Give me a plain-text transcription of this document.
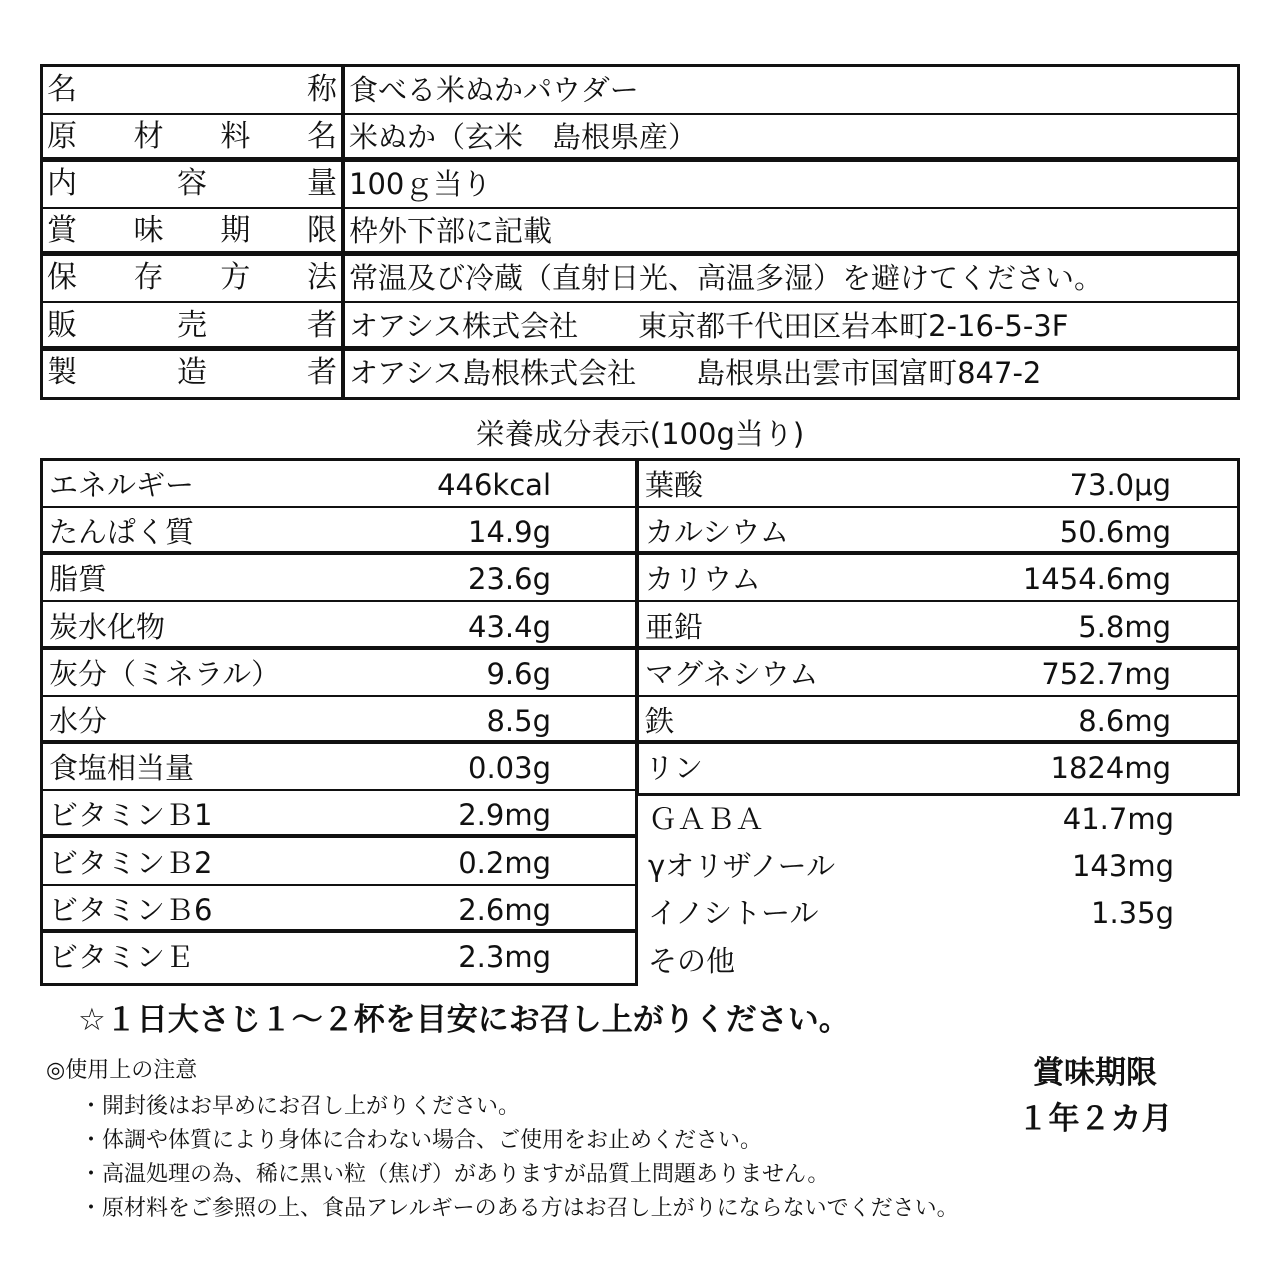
名	称 食べる米ぬかパウダー
原 材 料 名 米ぬか（玄米　島根県産）
内	容	量 100ｇ当り
賞 味 期 限 枠外下部に記載
保 存 方 法 常温及び冷蔵（直射日光、高温多湿）を避けてください。
販	売	者 オアシス株式会社 東京都千代田区岩本町2-16-5-3F
製	造	者 オアシス島根株式会社 島根県出雲市国富町847-2
栄養成分表示(100g当り)
エネルギー	446kcal
たんぱく質	14.9g
脂質	23.6g
炭水化物	43.4g
灰分（ミネラル）	9.6g
水分	8.5g
食塩相当量	0.03g
ビタミンＢ1	2.9mg
ビタミンＢ2	0.2mg
ビタミンＢ6	2.6mg
ビタミンＥ	2.3mg
葉酸	73.0μg
カルシウム	50.6mg
カリウム	1454.6mg
亜鉛	5.8mg
マグネシウム	752.7mg
鉄	8.6mg
リン	1824mg
☆１日大さじ１～２杯を目安にお召し上がりください。
◎使用上の注意
・開封後はお早めにお召し上がりください。
・体調や体質により身体に合わない場合、ご使用をお止めください。
・高温処理の為、稀に黒い粒（焦げ）がありますが品質上問題ありません。
・原材料をご参照の上、食品アレルギーのある方はお召し上がりにならないでください。
賞味期限
１年２カ月
ＧＡＢＡ	41.7mg
γオリザノール	143mg
イノシトール	1.35g
その他
